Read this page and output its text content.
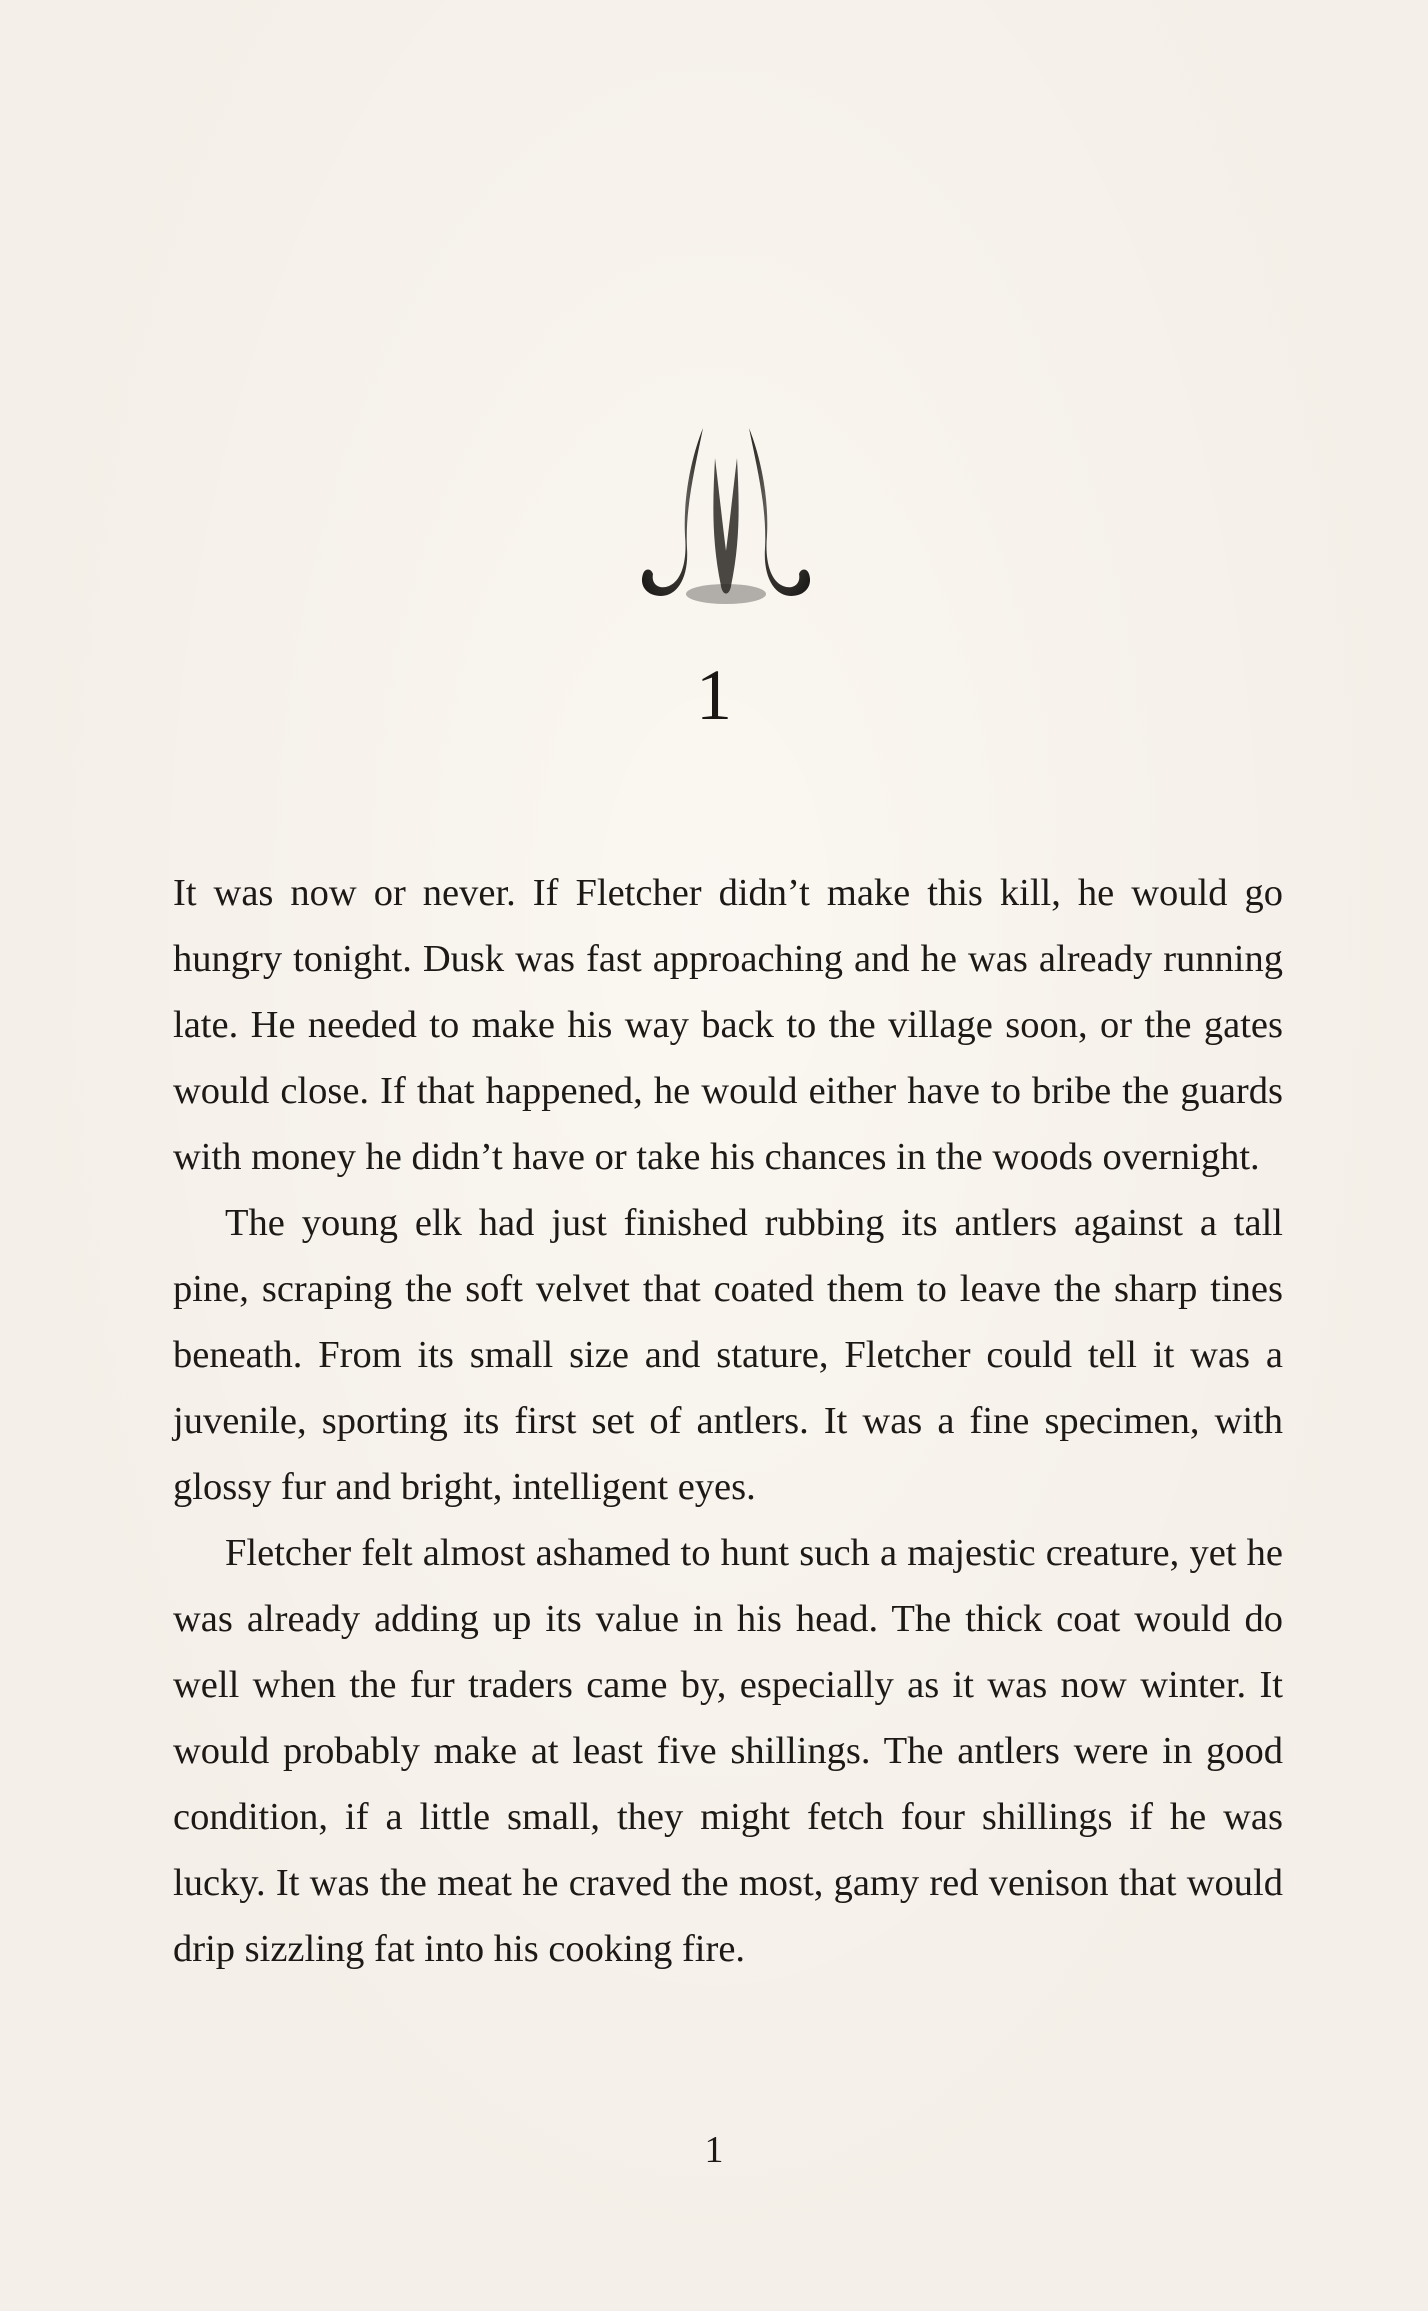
1

It was now or never. If Fletcher didn’t make this kill, he would go hungry tonight. Dusk was fast approaching and he was already running late. He needed to make his way back to the village soon, or the gates would close. If that happened, he would either have to bribe the guards with money he didn’t have or take his chances in the woods overnight.

The young elk had just finished rubbing its antlers against a tall pine, scraping the soft velvet that coated them to leave the sharp tines beneath. From its small size and stature, Fletcher could tell it was a juvenile, sporting its first set of antlers. It was a fine specimen, with glossy fur and bright, intelligent eyes.

Fletcher felt almost ashamed to hunt such a majestic creature, yet he was already adding up its value in his head. The thick coat would do well when the fur traders came by, especially as it was now winter. It would probably make at least five shillings. The antlers were in good condition, if a little small, they might fetch four shillings if he was lucky. It was the meat he craved the most, gamy red venison that would drip sizzling fat into his cooking fire.

1
